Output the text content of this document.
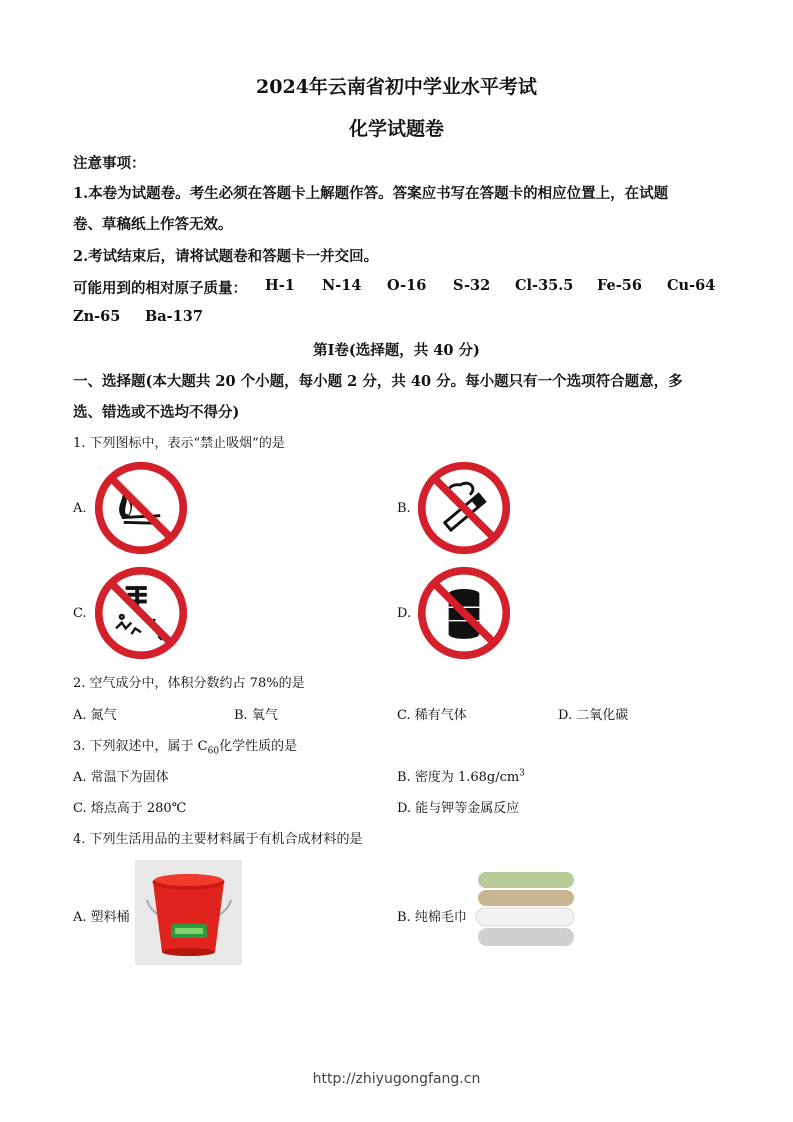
2024年云南省初中学业水平考试
化学试题卷
注意事项：
1.本卷为试题卷。考生必须在答题卡上解题作答。答案应书写在答题卡的相应位置上，在试题
卷、草稿纸上作答无效。
2.考试结束后，请将试题卷和答题卡一并交回。
可能用到的相对原子质量： H-1 N-14 O-16 S-32 Cl-35.5 Fe-56 Cu-64
Zn-65 Ba-137
第Ⅰ卷(选择题，共 40 分)
一、选择题(本大题共 20 个小题，每小题 2 分，共 40 分。每小题只有一个选项符合题意，多
选、错选或不选均不得分)
1. 下列图标中，表示“禁止吸烟”的是
A.	B.
C.	D.
2. 空气成分中，体积分数约占 78%的是
A. 氮气	B. 氧气	C. 稀有气体	D. 二氧化碳
3. 下列叙述中，属于 $C_{60}$化学性质的是
A. 常温下为固体	B. 密度为 $1.68g/cm^3$
C. 熔点高于 280℃	D. 能与钾等金属反应
4. 下列生活用品的主要材料属于有机合成材料的是
A. 塑料桶	B. 纯棉毛巾
http://zhiyugongfang.cn
